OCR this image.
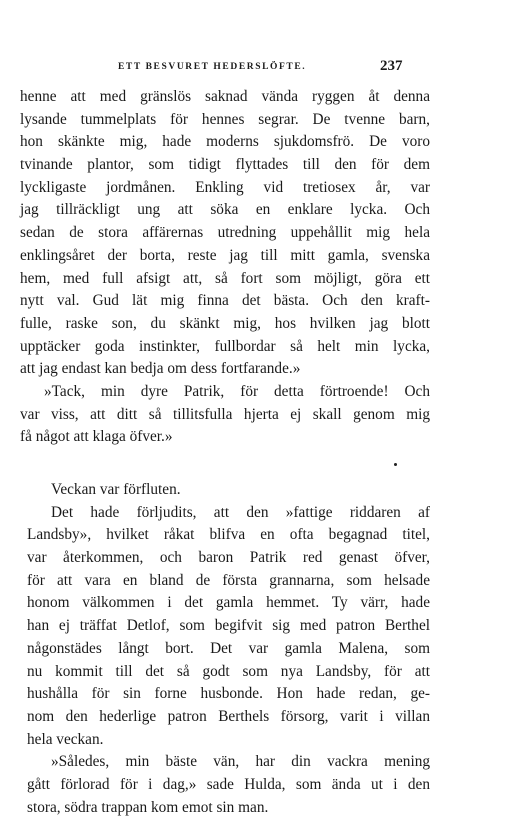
ETT BESVURET HEDERSLÖFTE.	237
henne att med gränslös saknad vända ryggen åt denna
lysande tummelplats för hennes segrar. De tvenne barn,
hon skänkte mig, hade moderns sjukdomsfrö. De voro
tvinande plantor, som tidigt flyttades till den för dem
lyckligaste jordmånen. Enkling vid tretiosex år, var
jag tillräckligt ung att söka en enklare lycka. Och
sedan de stora affärernas utredning uppehållit mig hela
enklingsåret der borta, reste jag till mitt gamla, svenska
hem, med full afsigt att, så fort som möjligt, göra ett
nytt val. Gud lät mig finna det bästa. Och den kraft-
fulle, raske son, du skänkt mig, hos hvilken jag blott
upptäcker goda instinkter, fullbordar så helt min lycka,
att jag endast kan bedja om dess fortfarande.»
»Tack, min dyre Patrik, för detta förtroende! Och
var viss, att ditt så tillitsfulla hjerta ej skall genom mig
få något att klaga öfver.»
Veckan var förfluten.
Det hade förljudits, att den »fattige riddaren af
Landsby», hvilket råkat blifva en ofta begagnad titel,
var återkommen, och baron Patrik red genast öfver,
för att vara en bland de första grannarna, som helsade
honom välkommen i det gamla hemmet. Ty värr, hade
han ej träffat Detlof, som begifvit sig med patron Berthel
någonstädes långt bort. Det var gamla Malena, som
nu kommit till det så godt som nya Landsby, för att
hushålla för sin forne husbonde. Hon hade redan, ge-
nom den hederlige patron Berthels försorg, varit i villan
hela veckan.
»Således, min bäste vän, har din vackra mening
gått förlorad för i dag,» sade Hulda, som ända ut i den
stora, södra trappan kom emot sin man.
